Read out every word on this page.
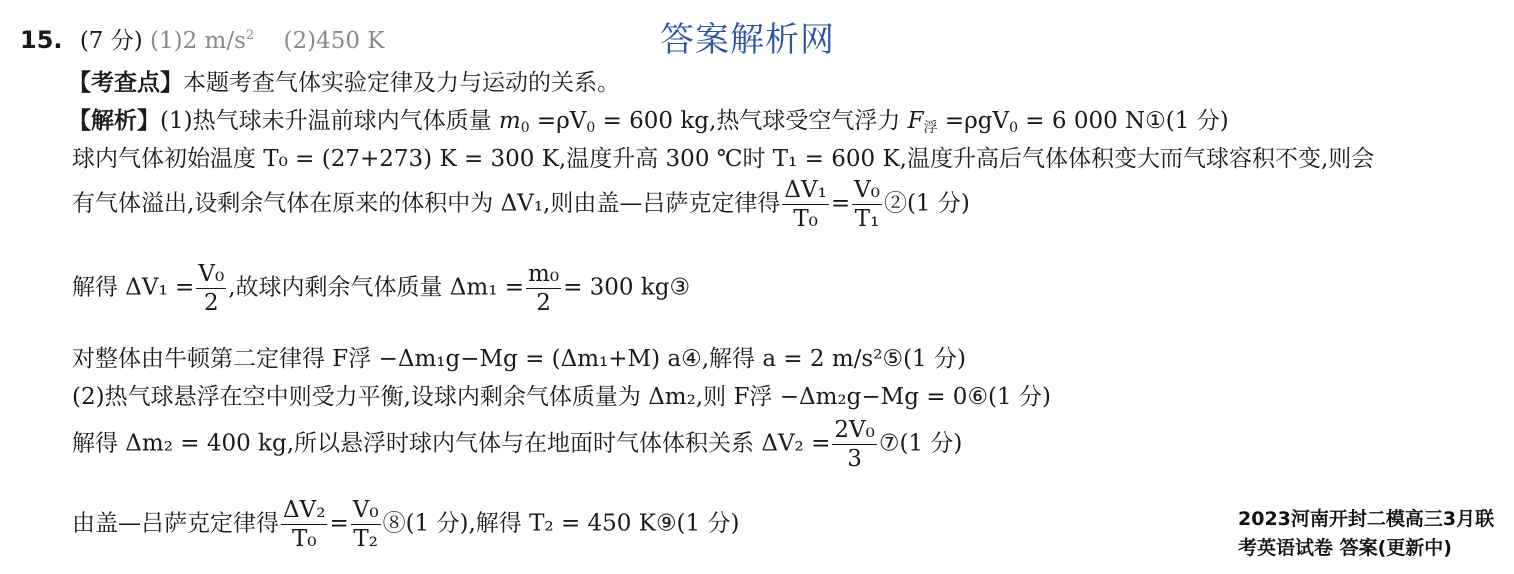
15. (7 分) (1)2 $m/s^2$ (2)450 K	答案解析网
【考查点】本题考查气体实验定律及力与运动的关系。
【解析】(1)热气球未升温前球内气体质量 $m_0 =\rho V_0 = 600$ kg,热气球受空气浮力 $F_浮 =\rho gV_0 = 6$ 000 N①(1 分)
球内气体初始温度 T₀ = (27+273) K = 300 K,温度升高 300 ℃时 T₁ = 600 K,温度升高后气体体积变大而气球容积不变,则会
有气体溢出,设剩余气体在原来的体积中为 ΔV₁,则由盖—吕萨克定律得 $\frac{\text{ΔV₁}}{\text{T₀}} = \frac{\text{V₀}}{\text{T₁}}$ ②(1 分)
解得 $\Delta V_1 = \frac{\text{V₀}}{2}$ ,故球内剩余气体质量 $\Delta m_1 = \frac{\text{m₀}}{2} = 300$ kg③
对整体由牛顿第二定律得 F浮 −Δm₁g−Mg = (Δm₁+M) a④,解得 a = 2 m/s²⑤(1 分)
(2)热气球悬浮在空中则受力平衡,设球内剩余气体质量为 Δm₂,则 F浮 −Δm₂g−Mg = 0⑥(1 分)
解得 Δm₂ = 400 kg,所以悬浮时球内气体与在地面时气体体积关系 $\Delta V_2 = \frac{\text{2V₀}}{3}$ ⑦(1 分)
由盖—吕萨克定律得 $\frac{\text{ΔV₂}}{\text{T₀}} = \frac{\text{V₀}}{\text{T₂}}$ ⑧(1 分),解得 T₂ = 450 K⑨(1 分)	2023河南开封二模高三3月联
考英语试卷 答案(更新中)
